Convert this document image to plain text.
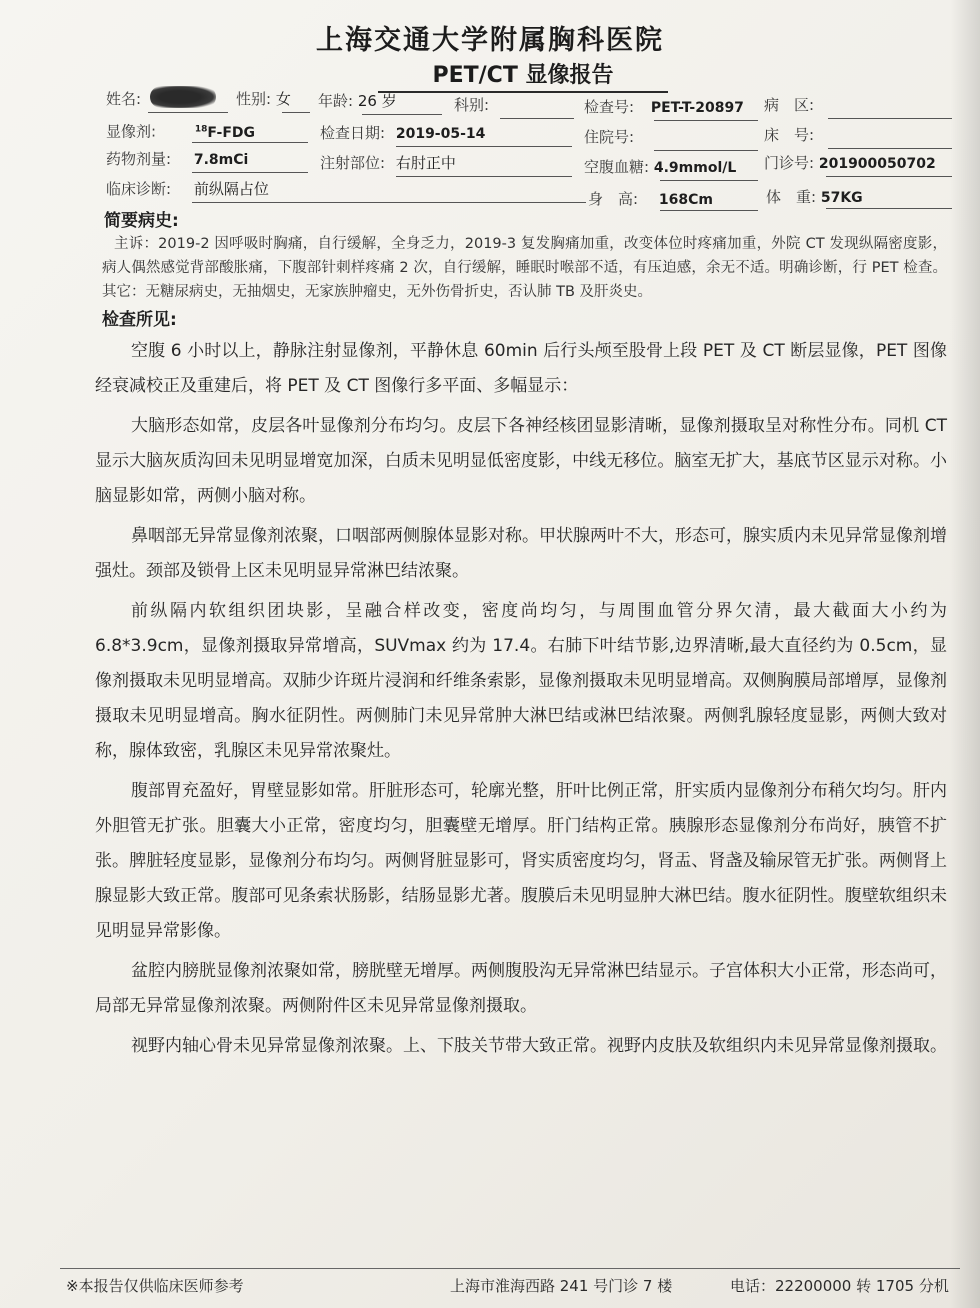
上海交通大学附属胸科医院
PET/CT 显像报告
姓名:	性别: 女 年龄: 26 岁	科别:	检查号: PET-T-20897 病　区:
显像剂:	$^{18}$F-FDG	检查日期: 2019-05-14	住院号:	床　号:
药物剂量: 7.8mCi	注射部位: 右肘正中	空腹血糖: 4.9mmol/L 门诊号: 201900050702
临床诊断: 前纵隔占位
身　高: 168Cm	体　重: 57KG
简要病史:
主诉：2019-2 因呼吸时胸痛，自行缓解，全身乏力，2019-3 复发胸痛加重，改变体位时疼痛加重，外院 CT 发现纵隔密度影，病人偶然感觉背部酸胀痛，下腹部针刺样疼痛 2 次，自行缓解，睡眠时喉部不适，有压迫感，余无不适。明确诊断，行 PET 检查。其它：无糖尿病史，无抽烟史，无家族肿瘤史，无外伤骨折史，否认肺 TB 及肝炎史。
检查所见:

空腹 6 小时以上，静脉注射显像剂，平静休息 60min 后行头颅至股骨上段 PET 及 CT 断层显像，PET 图像经衰减校正及重建后，将 PET 及 CT 图像行多平面、多幅显示：

大脑形态如常，皮层各叶显像剂分布均匀。皮层下各神经核团显影清晰，显像剂摄取呈对称性分布。同机 CT 显示大脑灰质沟回未见明显增宽加深，白质未见明显低密度影，中线无移位。脑室无扩大，基底节区显示对称。小脑显影如常，两侧小脑对称。

鼻咽部无异常显像剂浓聚，口咽部两侧腺体显影对称。甲状腺两叶不大，形态可，腺实质内未见异常显像剂增强灶。颈部及锁骨上区未见明显异常淋巴结浓聚。

前纵隔内软组织团块影，呈融合样改变，密度尚均匀，与周围血管分界欠清，最大截面大小约为 6.8*3.9cm，显像剂摄取异常增高，SUVmax 约为 17.4。右肺下叶结节影,边界清晰,最大直径约为 0.5cm，显像剂摄取未见明显增高。双肺少许斑片浸润和纤维条索影，显像剂摄取未见明显增高。双侧胸膜局部增厚，显像剂摄取未见明显增高。胸水征阴性。两侧肺门未见异常肿大淋巴结或淋巴结浓聚。两侧乳腺轻度显影，两侧大致对称，腺体致密，乳腺区未见异常浓聚灶。

腹部胃充盈好，胃壁显影如常。肝脏形态可，轮廓光整，肝叶比例正常，肝实质内显像剂分布稍欠均匀。肝内外胆管无扩张。胆囊大小正常，密度均匀，胆囊壁无增厚。肝门结构正常。胰腺形态显像剂分布尚好，胰管不扩张。脾脏轻度显影，显像剂分布均匀。两侧肾脏显影可，肾实质密度均匀，肾盂、肾盏及输尿管无扩张。两侧肾上腺显影大致正常。腹部可见条索状肠影，结肠显影尤著。腹膜后未见明显肿大淋巴结。腹水征阴性。腹壁软组织未见明显异常影像。

盆腔内膀胱显像剂浓聚如常，膀胱壁无增厚。两侧腹股沟无异常淋巴结显示。子宫体积大小正常，形态尚可，局部无异常显像剂浓聚。两侧附件区未见异常显像剂摄取。

视野内轴心骨未见异常显像剂浓聚。上、下肢关节带大致正常。视野内皮肤及软组织内未见异常显像剂摄取。

※本报告仅供临床医师参考	上海市淮海西路 241 号门诊 7 楼	电话：22200000 转 1705 分机
